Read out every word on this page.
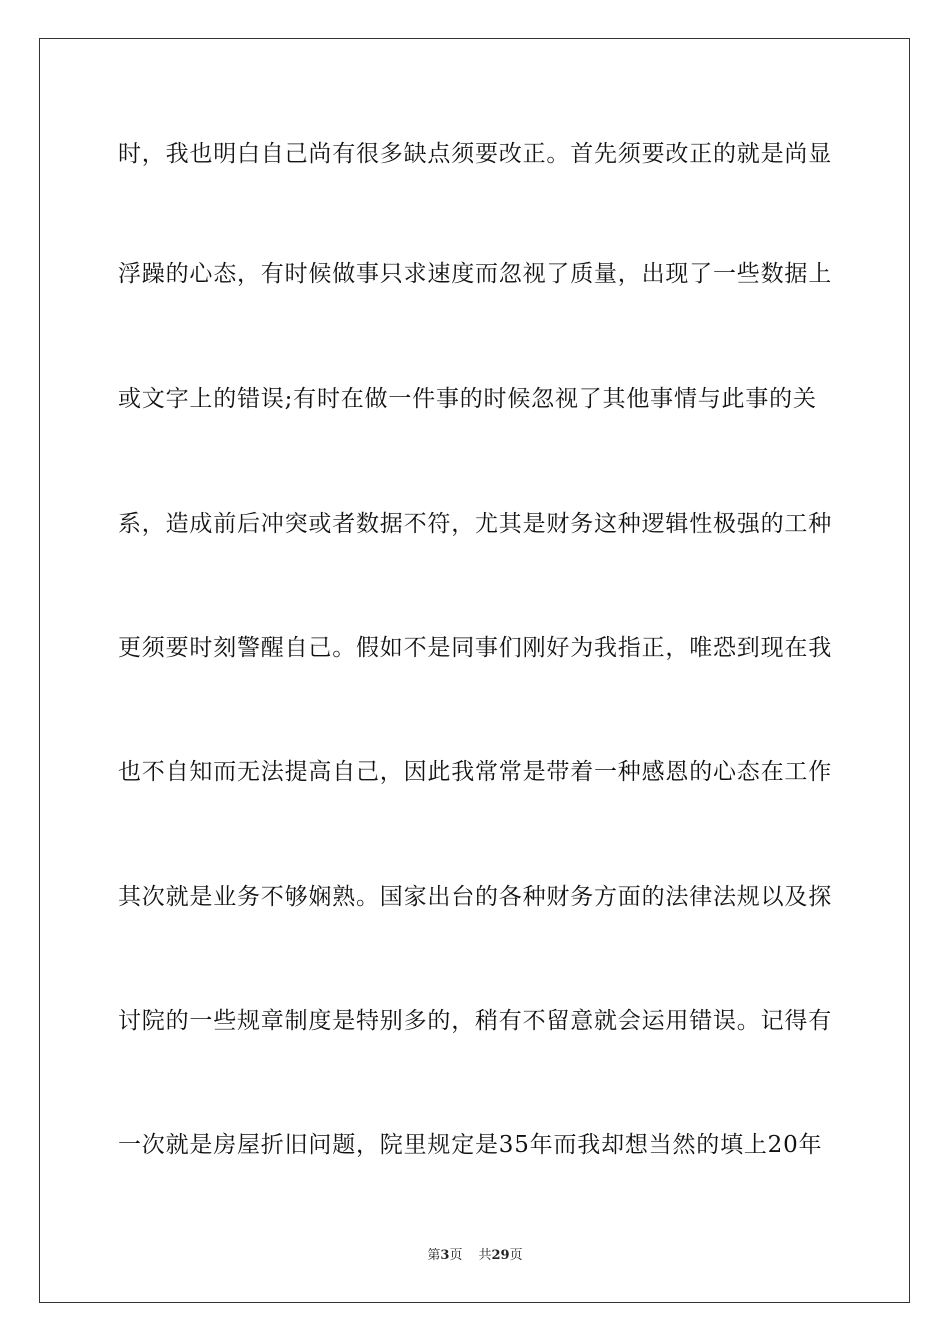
时，我也明白自己尚有很多缺点须要改正。首先须要改正的就是尚显
浮躁的心态，有时候做事只求速度而忽视了质量，出现了一些数据上
或文字上的错误;有时在做一件事的时候忽视了其他事情与此事的关
系，造成前后冲突或者数据不符，尤其是财务这种逻辑性极强的工种
更须要时刻警醒自己。假如不是同事们刚好为我指正，唯恐到现在我
也不自知而无法提高自己，因此我常常是带着一种感恩的心态在工作
其次就是业务不够娴熟。国家出台的各种财务方面的法律法规以及探
讨院的一些规章制度是特别多的，稍有不留意就会运用错误。记得有
一次就是房屋折旧问题，院里规定是35年而我却想当然的填上20年
第3页 共29页
